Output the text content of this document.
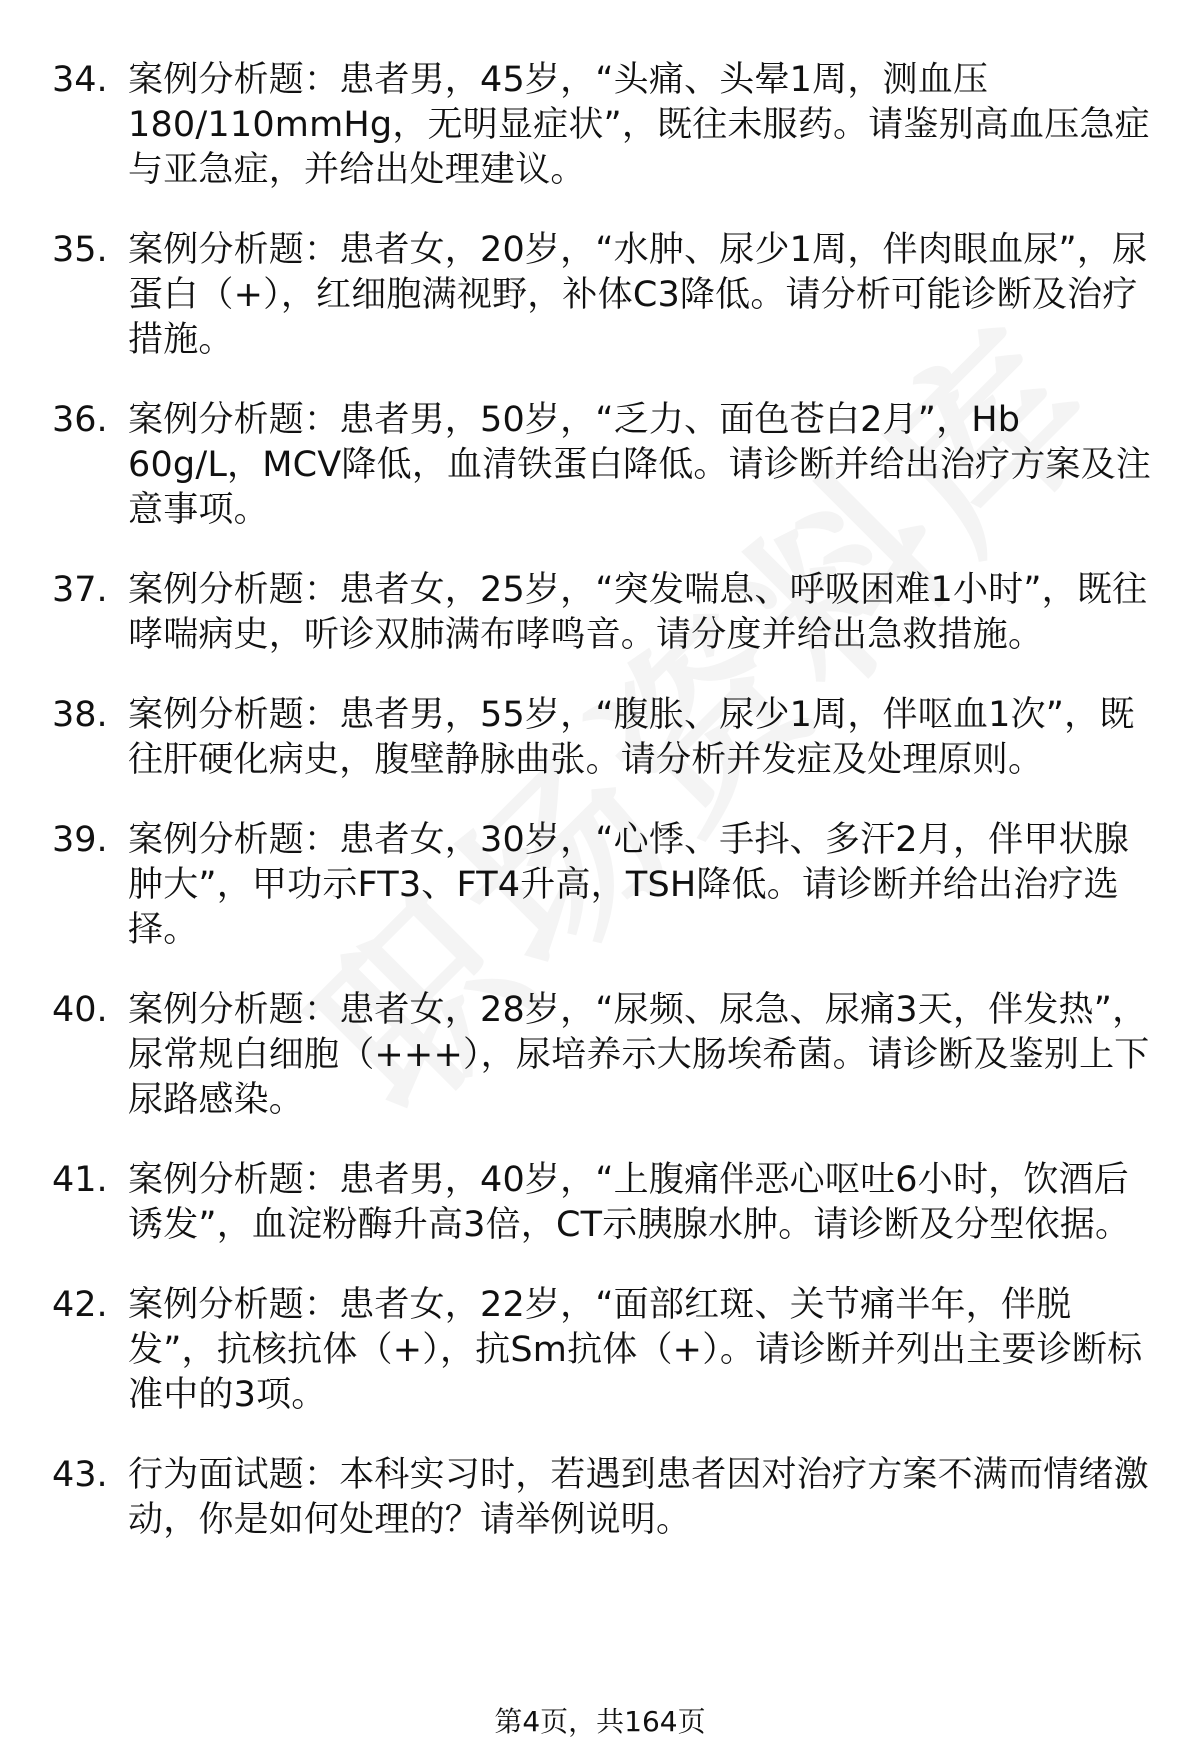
34. 案例分析题：患者男，45岁，“头痛、头晕1周，测血压180/110mmHg，无明显症状”，既往未服药。请鉴别高血压急症与亚急症，并给出处理建议。
35. 案例分析题：患者女，20岁，“水肿、尿少1周，伴肉眼血尿”，尿蛋白（+），红细胞满视野，补体C3降低。请分析可能诊断及治疗措施。
36. 案例分析题：患者男，50岁，“乏力、面色苍白2月”，Hb 60g/L，MCV降低，血清铁蛋白降低。请诊断并给出治疗方案及注意事项。
37. 案例分析题：患者女，25岁，“突发喘息、呼吸困难1小时”，既往哮喘病史，听诊双肺满布哮鸣音。请分度并给出急救措施。
38. 案例分析题：患者男，55岁，“腹胀、尿少1周，伴呕血1次”，既往肝硬化病史，腹壁静脉曲张。请分析并发症及处理原则。
39. 案例分析题：患者女，30岁，“心悸、手抖、多汗2月，伴甲状腺肿大”，甲功示FT3、FT4升高，TSH降低。请诊断并给出治疗选择。
40. 案例分析题：患者女，28岁，“尿频、尿急、尿痛3天，伴发热”，尿常规白细胞（+++），尿培养示大肠埃希菌。请诊断及鉴别上下尿路感染。
41. 案例分析题：患者男，40岁，“上腹痛伴恶心呕吐6小时，饮酒后诱发”，血淀粉酶升高3倍，CT示胰腺水肿。请诊断及分型依据。
42. 案例分析题：患者女，22岁，“面部红斑、关节痛半年，伴脱发”，抗核抗体（+），抗Sm抗体（+）。请诊断并列出主要诊断标准中的3项。
43. 行为面试题：本科实习时，若遇到患者因对治疗方案不满而情绪激动，你是如何处理的？请举例说明。
第4页，共164页
